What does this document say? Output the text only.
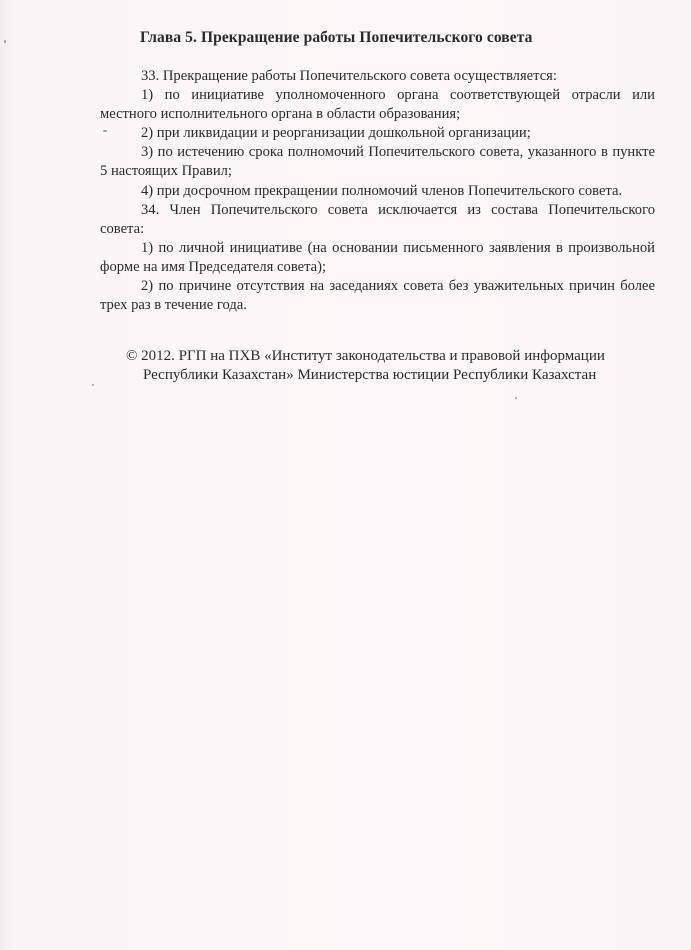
Глава 5. Прекращение работы Попечительского совета

33. Прекращение работы Попечительского совета осуществляется:

1) по инициативе уполномоченного органа соответствующей отрасли или местного исполнительного органа в области образования;

2) при ликвидации и реорганизации дошкольной организации;

3) по истечению срока полномочий Попечительского совета, указанного в пункте 5 настоящих Правил;

4) при досрочном прекращении полномочий членов Попечительского совета.

34. Член Попечительского совета исключается из состава Попечительского совета:

1) по личной инициативе (на основании письменного заявления в произвольной форме на имя Председателя совета);

2) по причине отсутствия на заседаниях совета без уважительных причин более трех раз в течение года.

© 2012. РГП на ПХВ «Институт законодательства и правовой информации
Республики Казахстан» Министерства юстиции Республики Казахстан
